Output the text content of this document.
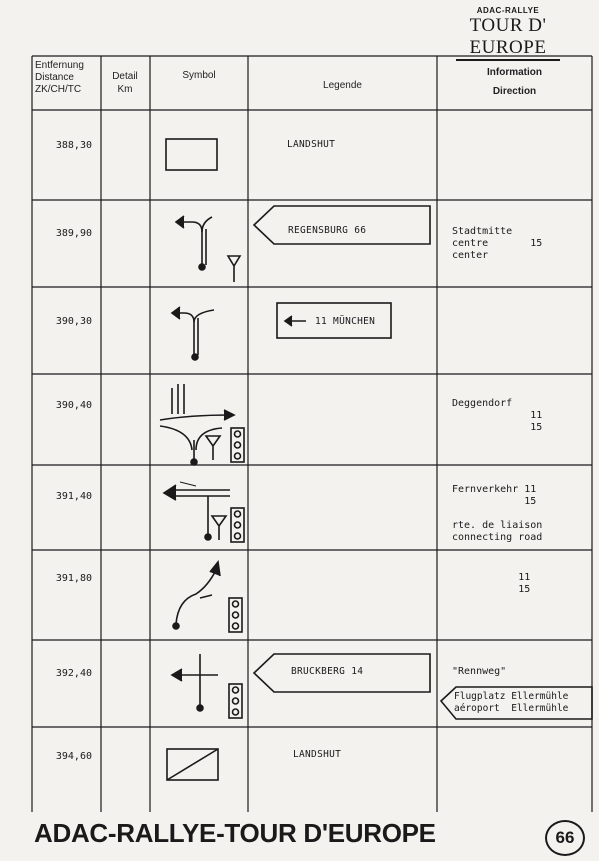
ADAC-RALLYE
TOUR D' EUROPE
Entfernung
Distance
ZK/CH/TC
Detail
Km
Symbol
Legende
Information
Direction
388,30
389,90
390,30
390,40
391,40
391,80
392,40
394,60
LANDSHUT
REGENSBURG 66
11 MÜNCHEN
BRUCKBERG 14
LANDSHUT
Stadtmitte
centre       15
center
Deggendorf
11
15
Fernverkehr 11
15

rte. de liaison
connecting road
11
15
"Rennweg"
Flugplatz Ellermühle
aéroport  Ellermühle
ADAC-RALLYE-TOUR D'EUROPE	66
